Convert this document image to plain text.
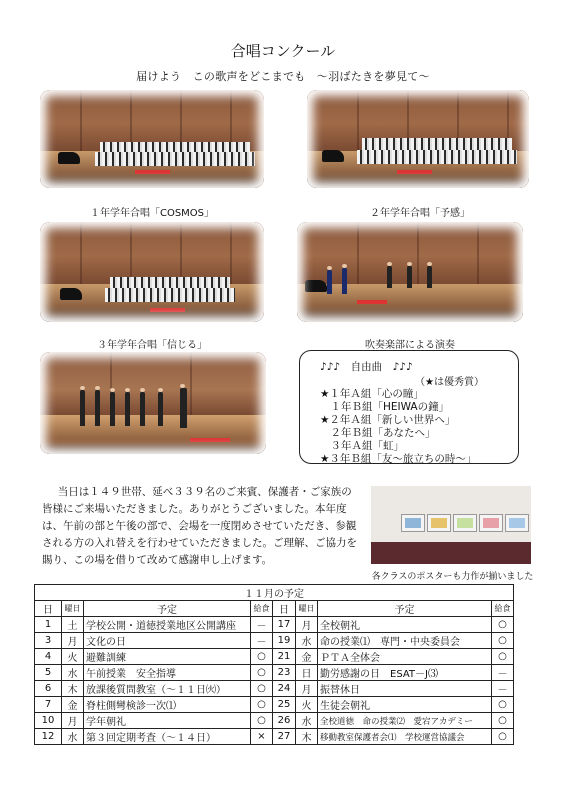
合唱コンクール
届けよう　この歌声をどこまでも　～羽ばたきを夢見て～
１年学年合唱「COSMOS」	２年学年合唱「予感」
３年学年合唱「信じる」	吹奏楽部による演奏
♪♪♪　自由曲　♪♪♪
（★は優秀賞）
★１年Ａ組「心の瞳」
　１年Ｂ組「HEIWAの鐘」
★２年Ａ組「新しい世界へ」
　２年Ｂ組「あなたへ」
　３年Ａ組「虹」
★３年Ｂ組「友～旅立ちの時～」
当日は１４９世帯、延べ３３９名のご来賓、保護者・ご家族の皆様にご来場いただきました。ありがとうございました。本年度は、午前の部と午後の部で、会場を一度閉めさせていただき、参観される方の入れ替えを行わせていただきました。ご理解、ご協力を賜り、この場を借りて改めて感謝申し上げます。
各クラスのポスターも力作が揃いました
１１月の予定							
日	曜日	予定	給食	日	曜日	予定	給食
1	土	学校公開・道徳授業地区公開講座	－	17	月	全校朝礼	○
3	月	文化の日	－	19	水	命の授業⑴　専門・中央委員会	○
4	火	避難訓練	○	21	金	ＰＴＡ全体会	○
5	水	午前授業　安全指導	○	23	日	勤労感謝の日　ESAT－J⑶	－
6	木	放課後質問教室（～１１日㈫）	○	24	月	振替休日	－
7	金	脊柱側彎検診一次⑴	○	25	火	生徒会朝礼	○
10	月	学年朝礼	○	26	水	全校道徳　命の授業⑵　愛宕アカデミー	○
12	水	第３回定期考査（～１４日）	×	27	木	移動教室保護者会⑴　学校運営協議会	○
